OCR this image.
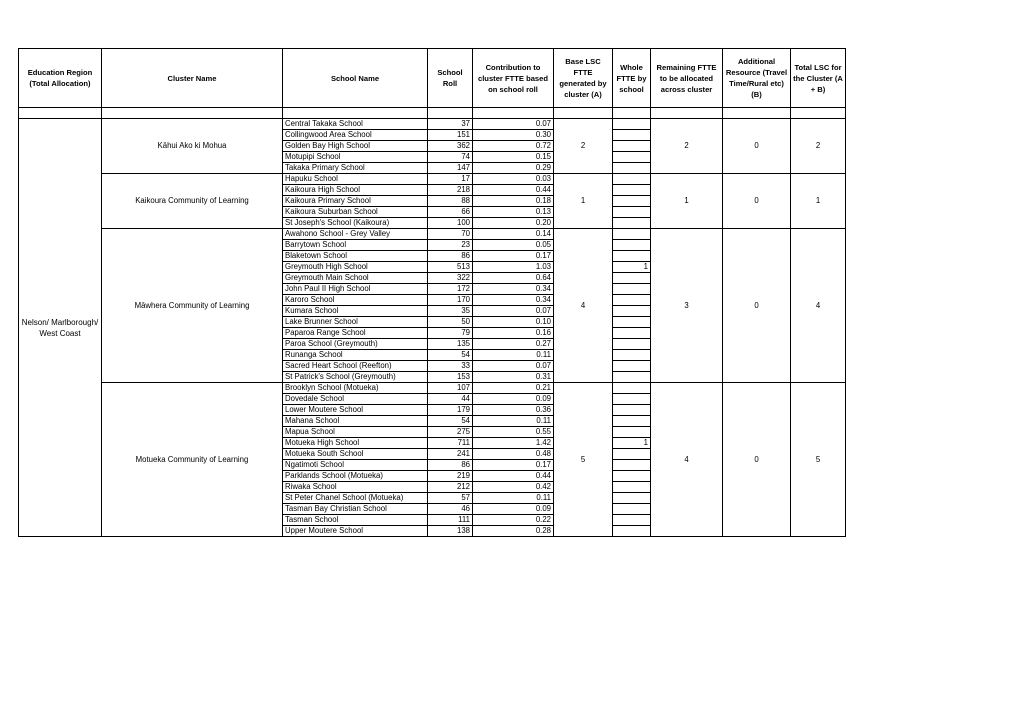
Education Region (Total Allocation)	Cluster Name	School Name	School Roll	Contribution to cluster FTTE based on school roll	Base LSC FTTE generated by cluster (A)	Whole FTTE by school	Remaining FTTE to be allocated across cluster	Additional Resource (Travel Time/Rural etc) (B)	Total LSC for the Cluster (A + B)

Nelson/ Marlborough/ West Coast	Kāhui Ako ki Mohua	Central Takaka School	37	0.07	2		2	0	2
		Collingwood Area School	151	0.30					
		Golden Bay High School	362	0.72					
		Motupipi School	74	0.15					
		Takaka Primary School	147	0.29					
	Kaikoura Community of Learning	Hapuku School	17	0.03	1		1	0	1
		Kaikoura High School	218	0.44					
		Kaikoura Primary School	88	0.18					
		Kaikoura Suburban School	66	0.13					
		St Joseph's School (Kaikoura)	100	0.20					
	Māwhera Community of Learning	Awahono School - Grey Valley	70	0.14	4		3	0	4
		Barrytown School	23	0.05					
		Blaketown School	86	0.17					
		Greymouth High School	513	1.03		1			
		Greymouth Main School	322	0.64					
		John Paul II High School	172	0.34					
		Karoro School	170	0.34					
		Kumara School	35	0.07					
		Lake Brunner School	50	0.10					
		Paparoa Range School	79	0.16					
		Paroa School (Greymouth)	135	0.27					
		Runanga School	54	0.11					
		Sacred Heart School (Reefton)	33	0.07					
		St Patrick's School (Greymouth)	153	0.31					
	Motueka Community of Learning	Brooklyn School (Motueka)	107	0.21	5		4	0	5
		Dovedale School	44	0.09					
		Lower Moutere School	179	0.36					
		Mahana School	54	0.11					
		Mapua School	275	0.55					
		Motueka High School	711	1.42		1			
		Motueka South School	241	0.48					
		Ngatimoti School	86	0.17					
		Parklands School (Motueka)	219	0.44					
		Riwaka School	212	0.42					
		St Peter Chanel School (Motueka)	57	0.11					
		Tasman Bay Christian School	46	0.09					
		Tasman School	111	0.22					
		Upper Moutere School	138	0.28					
